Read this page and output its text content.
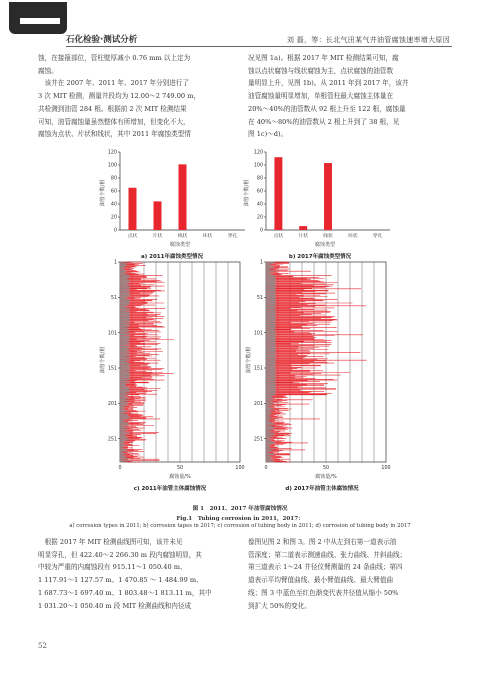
石化检验·测试分析	刘 磊，等：长北气田某气井油管腐蚀速率增大原因
蚀，在接箍部位，管柱壁厚减小 0.76 mm 以上定为
腐蚀。
　该井在 2007 年、2011 年、2017 年分别进行了
3 次 MIT 检测，测量井段均为 12.00～2 749.00 m，
共检测到油管 284 根。根据前 2 次 MIT 检测结果
可知，油管腐蚀量虽然整体有所增加，但变化不大，
腐蚀为点状、片状和线状，其中 2011 年腐蚀类型情
况见图 1a)。根据 2017 年 MIT 检测结果可知，腐
蚀以点状腐蚀与线状腐蚀为主，点状腐蚀的油管数
量明显上升，见图 1b)。从 2011 年到 2017 年，该井
油管腐蚀量明显增加，单根管柱最大腐蚀主体量在
20%～40%的油管数从 92 根上升至 122 根，腐蚀量
在 40%～80%的油管数从 2 根上升到了 38 根，见
图 1c)～d)。
油管个数/根
0
20
40
60
80
100
120
点状	片状	线状	环状	穿孔
腐蚀类型
a) 2011年腐蚀类型情况
油管个数/根
0
20
40
60
80
100
120
点状	片状	线状	环状	穿孔
腐蚀类型
b) 2017年腐蚀类型情况
油管个数/根
1
51
101
151
201
251
0	50	100
腐蚀量/%
c) 2011年油管主体腐蚀情况
油管个数/根
1
51
101
151
201
251
0	50	100
腐蚀量/%
d) 2017年油管主体腐蚀情况
图 1　2011、2017 年油管腐蚀情况
Fig.1　Tubing corrosion in 2011，2017：
a) corrosion types in 2011; b) corrosion tapes in 2017; c) corrosion of tubing body in 2011; d) corrosion of tubing body in 2017
　根据 2017 年 MIT 检测曲线图可知，该井未见
明显穿孔，但 422.40～2 266.30 m 段内腐蚀明显，其
中较为严重的内腐蚀段有 915.11～1 050.40 m、
1 117.91～1 127.57 m、1 470.85 ～ 1 484.99 m、
1 687.73～1 697.40 m、1 803.48～1 813.11 m，其中
1 031.20～1 050.40 m 段 MIT 检测曲线和内径成
像图见图 2 和图 3。图 2 中从左到右第一道表示油
管深度；第二道表示测速曲线、张力曲线、井斜曲线；
第三道表示 1～24 井径仪臂测量的 24 条曲线；第四
道表示平均臂值曲线、最小臂值曲线、最大臂值曲
线；图 3 中蓝色至红色渐变代表井径值从缩小 50%
到扩大 50%的变化。
52
